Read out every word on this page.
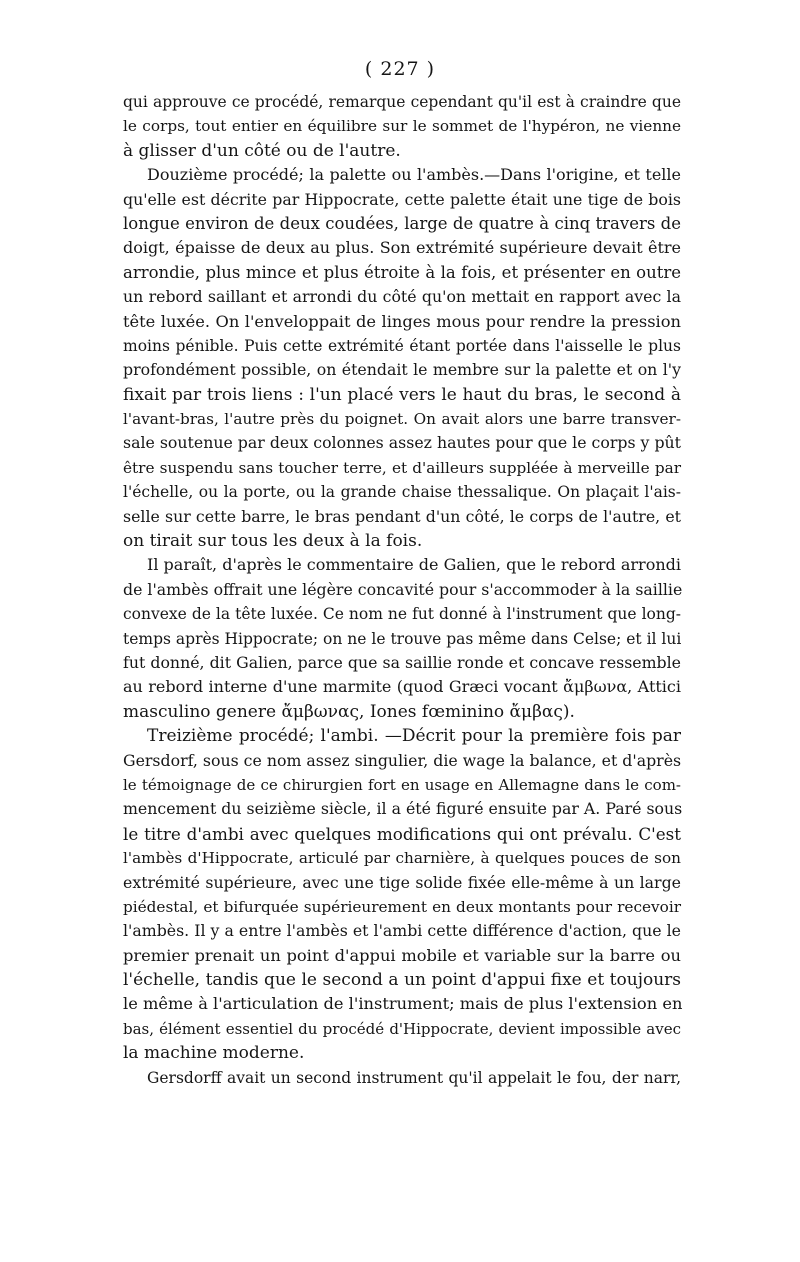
( 227 )
qui approuve ce procédé, remarque cependant qu'il est à craindre que
le corps, tout entier en équilibre sur le sommet de l'hypéron, ne vienne
à glisser d'un côté ou de l'autre.
Douzième procédé; la palette ou l'ambès.—Dans l'origine, et telle
qu'elle est décrite par Hippocrate, cette palette était une tige de bois
longue environ de deux coudées, large de quatre à cinq travers de
doigt, épaisse de deux au plus. Son extrémité supérieure devait être
arrondie, plus mince et plus étroite à la fois, et présenter en outre
un rebord saillant et arrondi du côté qu'on mettait en rapport avec la
tête luxée. On l'enveloppait de linges mous pour rendre la pression
moins pénible. Puis cette extrémité étant portée dans l'aisselle le plus
profondément possible, on étendait le membre sur la palette et on l'y
fixait par trois liens : l'un placé vers le haut du bras, le second à
l'avant-bras, l'autre près du poignet. On avait alors une barre transver-
sale soutenue par deux colonnes assez hautes pour que le corps y pût
être suspendu sans toucher terre, et d'ailleurs suppléée à merveille par
l'échelle, ou la porte, ou la grande chaise thessalique. On plaçait l'ais-
selle sur cette barre, le bras pendant d'un côté, le corps de l'autre, et
on tirait sur tous les deux à la fois.
Il paraît, d'après le commentaire de Galien, que le rebord arrondi
de l'ambès offrait une légère concavité pour s'accommoder à la saillie
convexe de la tête luxée. Ce nom ne fut donné à l'instrument que long-
temps après Hippocrate; on ne le trouve pas même dans Celse; et il lui
fut donné, dit Galien, parce que sa saillie ronde et concave ressemble
au rebord interne d'une marmite (quod Græci vocant ἄμβωνα, Attici
masculino genere ἄμβωνας, Iones fœminino ἄμβας).
Treizième procédé; l'ambi. —Décrit pour la première fois par
Gersdorf, sous ce nom assez singulier, die wage la balance, et d'après
le témoignage de ce chirurgien fort en usage en Allemagne dans le com-
mencement du seizième siècle, il a été figuré ensuite par A. Paré sous
le titre d'ambi avec quelques modifications qui ont prévalu. C'est
l'ambès d'Hippocrate, articulé par charnière, à quelques pouces de son
extrémité supérieure, avec une tige solide fixée elle-même à un large
piédestal, et bifurquée supérieurement en deux montants pour recevoir
l'ambès. Il y a entre l'ambès et l'ambi cette différence d'action, que le
premier prenait un point d'appui mobile et variable sur la barre ou
l'échelle, tandis que le second a un point d'appui fixe et toujours
le même à l'articulation de l'instrument; mais de plus l'extension en
bas, élément essentiel du procédé d'Hippocrate, devient impossible avec
la machine moderne.
Gersdorff avait un second instrument qu'il appelait le fou, der narr,
